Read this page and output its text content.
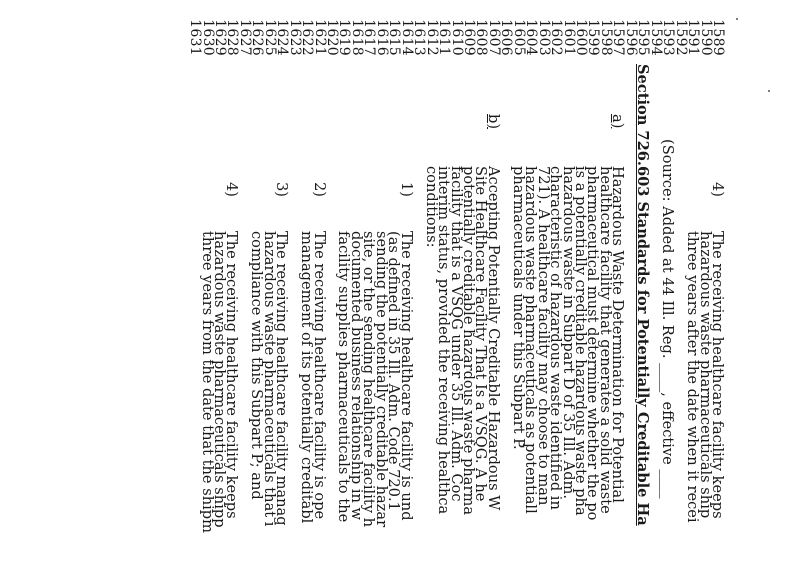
1589
4)
The receiving healthcare facility keeps
1590
hazardous waste pharmaceuticals ship
1591
three years after the date when it recei
1592
1593
(Source: Added at 44 Ill. Reg. ____, effective ____
1594
1595
Section 726.603 Standards for Potentially Creditable Ha
1596
1597
a)
Hazardous Waste Determination for Potential
1598
healthcare facility that generates a solid waste
1599
pharmaceutical must determine whether the po
1600
is a potentially creditable hazardous waste pha
1601
hazardous waste in Subpart D of 35 Ill. Adm.
1602
characteristic of hazardous waste identified in
1603
721). A healthcare facility may choose to man
1604
hazardous waste pharmaceuticals as potentiall
1605
pharmaceuticals under this Subpart P.
1606
1607
b)
Accepting Potentially Creditable Hazardous W
1608
Site Healthcare Facility That Is a VSQG. A he
1609
potentially creditable hazardous waste pharma
1610
facility that is a VSQG under 35 Ill. Adm. Coc
1611
interim status, provided the receiving healthca
1612
conditions:
1613
1614
1)
The receiving healthcare facility is und
1615
(as defined in 35 Ill. Adm. Code 720.1
1616
sending the potentially creditable hazar
1617
site, or the sending healthcare facility h
1618
documented business relationship in w
1619
facility supplies pharmaceuticals to the
1620
1621
2)
The receiving healthcare facility is ope
1622
management of its potentially creditabl
1623
1624
3)
The receiving healthcare facility manag
1625
hazardous waste pharmaceuticals that i
1626
compliance with this Subpart P; and
1627
1628
4)
The receiving healthcare facility keeps
1629
hazardous waste pharmaceuticals shipp
1630
three years from the date that the shipm
1631
